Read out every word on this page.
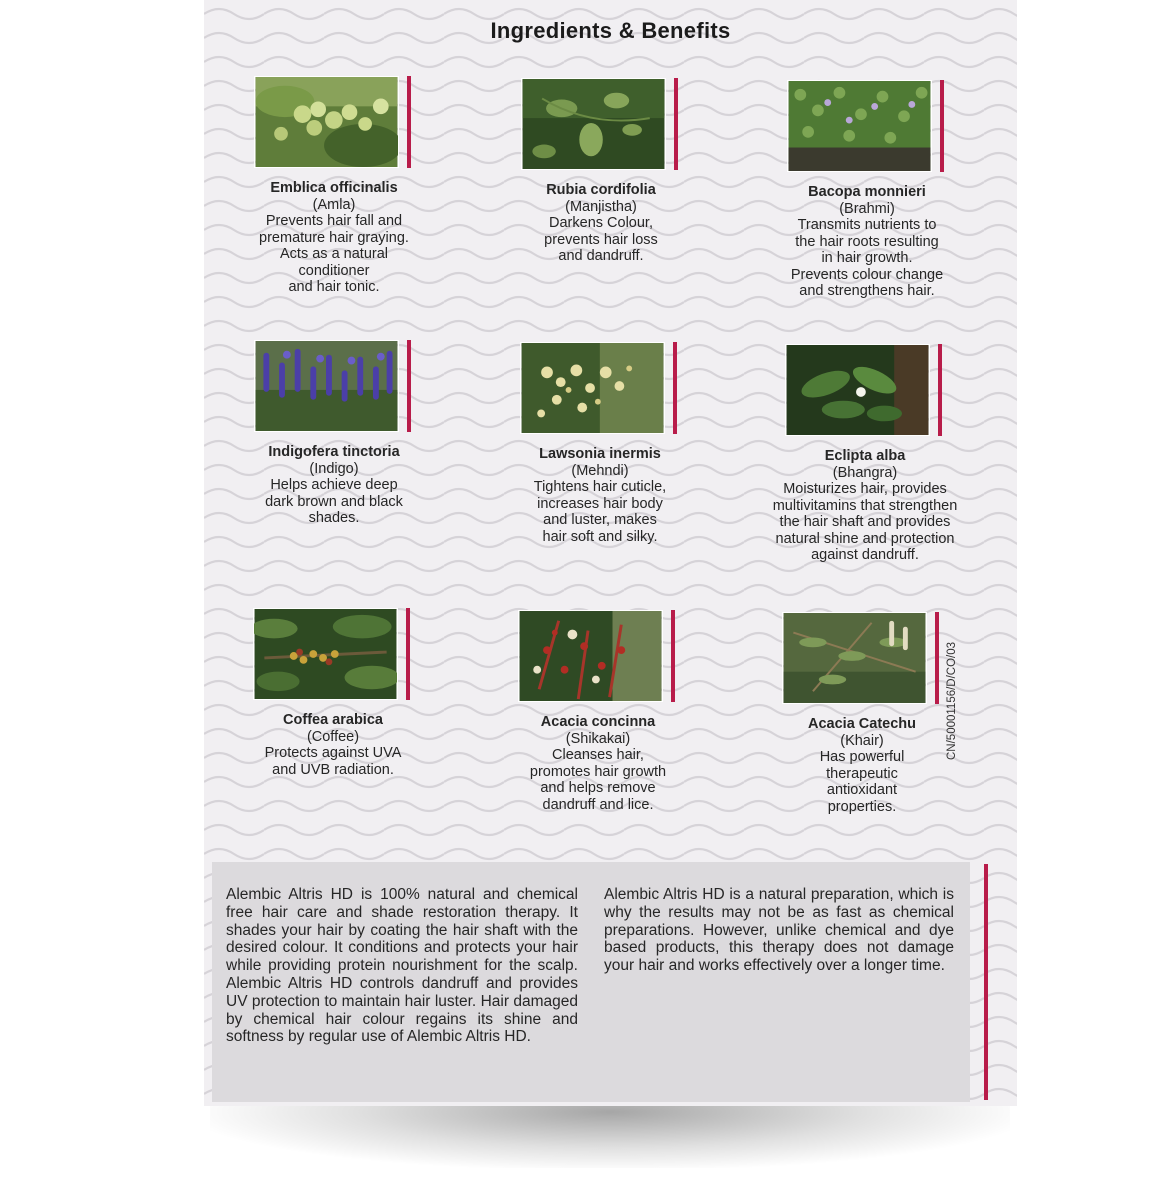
Ingredients & Benefits
Emblica officinalis
(Amla)
Prevents hair fall and
premature hair graying.
Acts as a natural
conditioner
and hair tonic.
Rubia cordifolia
(Manjistha)
Darkens Colour,
prevents hair loss
and dandruff.
Bacopa monnieri
(Brahmi)
Transmits nutrients to
the hair roots resulting
in hair growth.
Prevents colour change
and strengthens hair.
Indigofera tinctoria
(Indigo)
Helps achieve deep
dark brown and black
shades.
Lawsonia inermis
(Mehndi)
Tightens hair cuticle,
increases hair body
and luster, makes
hair soft and silky.
Eclipta alba
(Bhangra)
Moisturizes hair, provides
multivitamins that strengthen
the hair shaft and provides
natural shine and protection
against dandruff.
Coffea arabica
(Coffee)
Protects against UVA
and UVB radiation.
Acacia concinna
(Shikakai)
Cleanses hair,
promotes hair growth
and helps remove
dandruff and lice.
Acacia Catechu
(Khair)
Has powerful
therapeutic
antioxidant
properties.
CN/50001156/D/CO/03
Alembic Altris HD is 100% natural and chemical free hair care and shade restoration therapy. It shades your hair by coating the hair shaft with the desired colour. It conditions and protects your hair while providing protein nourishment for the scalp. Alembic Altris HD controls dandruff and provides UV protection to maintain hair luster. Hair damaged by chemical hair colour regains its shine and softness by regular use of Alembic Altris HD.
Alembic Altris HD is a natural preparation, which is why the results may not be as fast as chemical preparations. However, unlike chemical and dye based products, this therapy does not damage your hair and works effectively over a longer time.
